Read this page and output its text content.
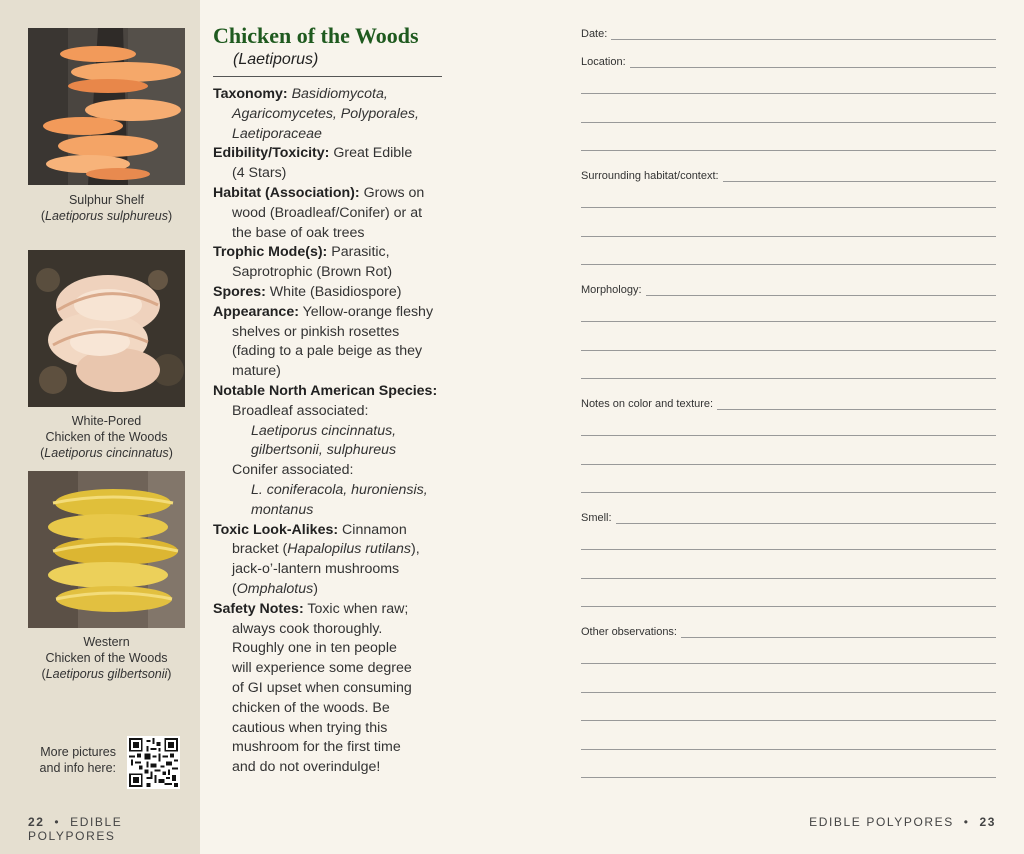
Sulphur Shelf
(Laetiporus sulphureus)
White-Pored
Chicken of the Woods
(Laetiporus cincinnatus)
Western
Chicken of the Woods
(Laetiporus gilbertsonii)
More pictures
and info here:
22  •  EDIBLE POLYPORES
Chicken of the Woods
(Laetiporus)
Taxonomy: Basidiomycota,
Agaricomycetes, Polyporales,
Laetiporaceae
Edibility/Toxicity: Great Edible
(4 Stars)
Habitat (Association): Grows on
wood (Broadleaf/Conifer) or at
the base of oak trees
Trophic Mode(s): Parasitic,
Saprotrophic (Brown Rot)
Spores: White (Basidiospore)
Appearance: Yellow-orange fleshy
shelves or pinkish rosettes
(fading to a pale beige as they
mature)
Notable North American Species:
Broadleaf associated:
Laetiporus cincinnatus,
gilbertsonii, sulphureus
Conifer associated:
L. coniferacola, huroniensis,
montanus
Toxic Look-Alikes: Cinnamon
bracket (Hapalopilus rutilans),
jack-o’-lantern mushrooms
(Omphalotus)
Safety Notes: Toxic when raw;
always cook thoroughly.
Roughly one in ten people
will experience some degree
of GI upset when consuming
chicken of the woods. Be
cautious when trying this
mushroom for the first time
and do not overindulge!
Date:
Location:
Surrounding habitat/context:
Morphology:
Notes on color and texture:
Smell:
Other observations:
EDIBLE POLYPORES  •  23
